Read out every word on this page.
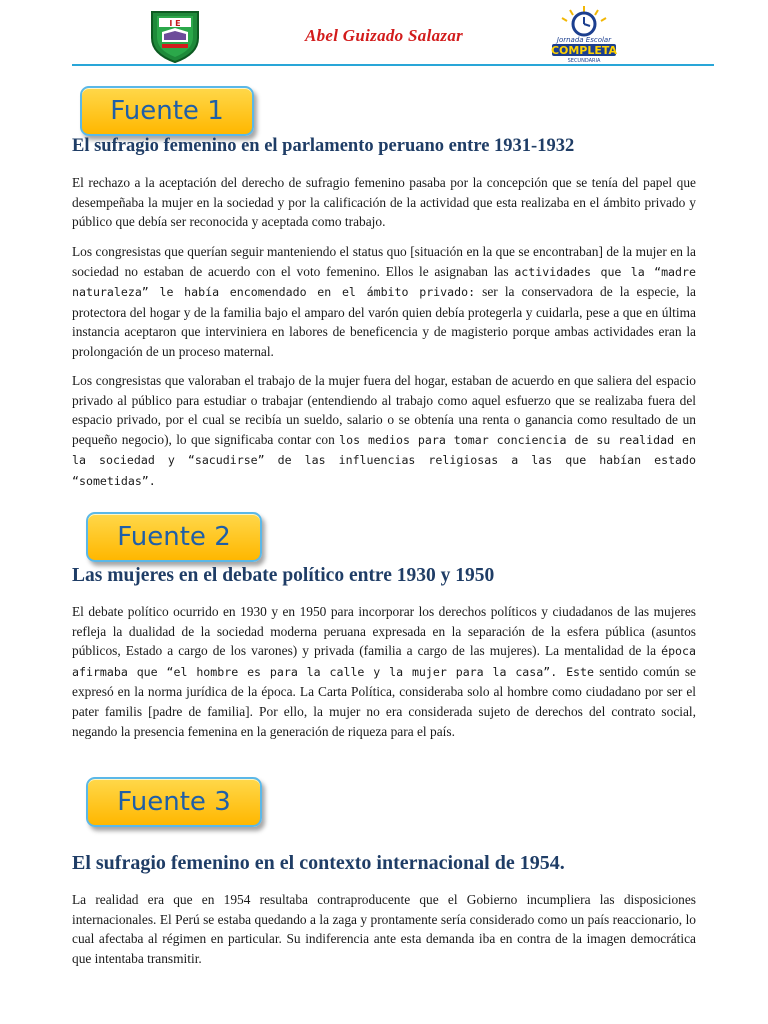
I E
Abel Guizado Salazar	Jornada Escolar
COMPLETA
SECUNDARIA
Fuente 1
El sufragio femenino en el parlamento peruano entre 1931-1932

El rechazo a la aceptación del derecho de sufragio femenino pasaba por la concepción que se tenía del papel que desempeñaba la mujer en la sociedad y por la calificación de la actividad que esta realizaba en el ámbito privado y público que debía ser reconocida y aceptada como trabajo.

Los congresistas que querían seguir manteniendo el status quo [situación en la que se encontraban] de la mujer en la sociedad no estaban de acuerdo con el voto femenino. Ellos le asignaban las actividades que la “madre naturaleza” le había encomendado en el ámbito privado: ser la conservadora de la especie, la protectora del hogar y de la familia bajo el amparo del varón quien debía protegerla y cuidarla, pese a que en última instancia aceptaron que interviniera en labores de beneficencia y de magisterio porque ambas actividades eran la prolongación de un proceso maternal.

Los congresistas que valoraban el trabajo de la mujer fuera del hogar, estaban de acuerdo en que saliera del espacio privado al público para estudiar o trabajar (entendiendo al trabajo como aquel esfuerzo que se realizaba fuera del espacio privado, por el cual se recibía un sueldo, salario o se obtenía una renta o ganancia como resultado de un pequeño negocio), lo que significaba contar con los medios para tomar conciencia de su realidad en la sociedad y “sacudirse” de las influencias religiosas a las que habían estado “sometidas”.

Fuente 2
Las mujeres en el debate político entre 1930 y 1950

El debate político ocurrido en 1930 y en 1950 para incorporar los derechos políticos y ciudadanos de las mujeres refleja la dualidad de la sociedad moderna peruana expresada en la separación de la esfera pública (asuntos públicos, Estado a cargo de los varones) y privada (familia a cargo de las mujeres). La mentalidad de la época afirmaba que “el hombre es para la calle y la mujer para la casa”. Este sentido común se expresó en la norma jurídica de la época. La Carta Política, consideraba solo al hombre como ciudadano por ser el pater familis [padre de familia]. Por ello, la mujer no era considerada sujeto de derechos del contrato social, negando la presencia femenina en la generación de riqueza para el país.

Fuente 3
El sufragio femenino en el contexto internacional de 1954.

La realidad era que en 1954 resultaba contraproducente que el Gobierno incumpliera las disposiciones internacionales. El Perú se estaba quedando a la zaga y prontamente sería considerado como un país reaccionario, lo cual afectaba al régimen en particular. Su indiferencia ante esta demanda iba en contra de la imagen democrática que intentaba transmitir.
